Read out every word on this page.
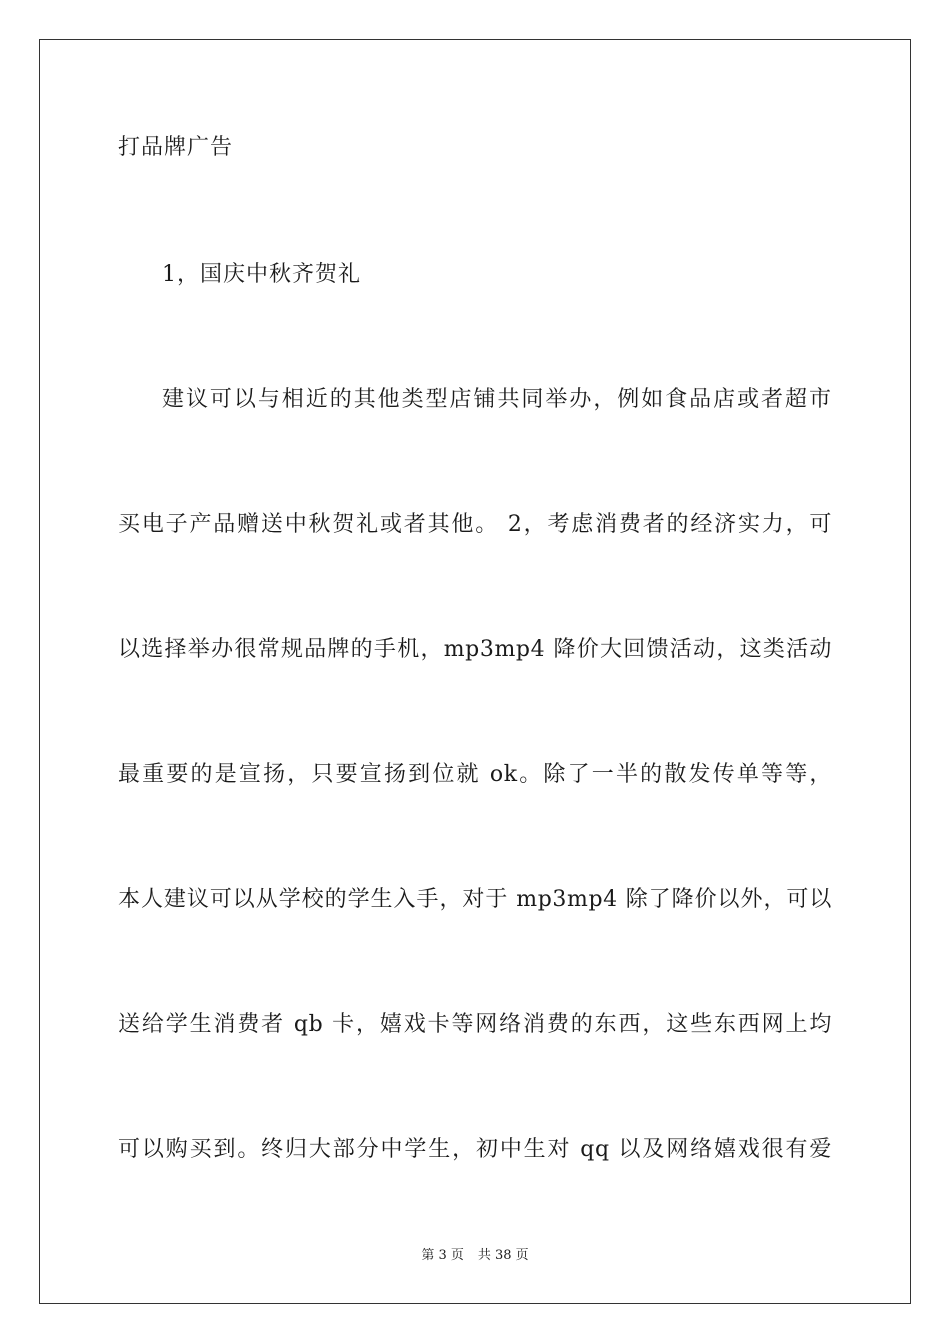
打品牌广告
1，国庆中秋齐贺礼
建议可以与相近的其他类型店铺共同举办，例如食品店或者超市
买电子产品赠送中秋贺礼或者其他。 2，考虑消费者的经济实力，可
以选择举办很常规品牌的手机，mp3mp4 降价大回馈活动，这类活动
最重要的是宣扬，只要宣扬到位就 ok。除了一半的散发传单等等，
本人建议可以从学校的学生入手，对于 mp3mp4 除了降价以外，可以
送给学生消费者 qb 卡，嬉戏卡等网络消费的东西，这些东西网上均
可以购买到。终归大部分中学生，初中生对 qq 以及网络嬉戏很有爱
第 3 页 共 38 页
